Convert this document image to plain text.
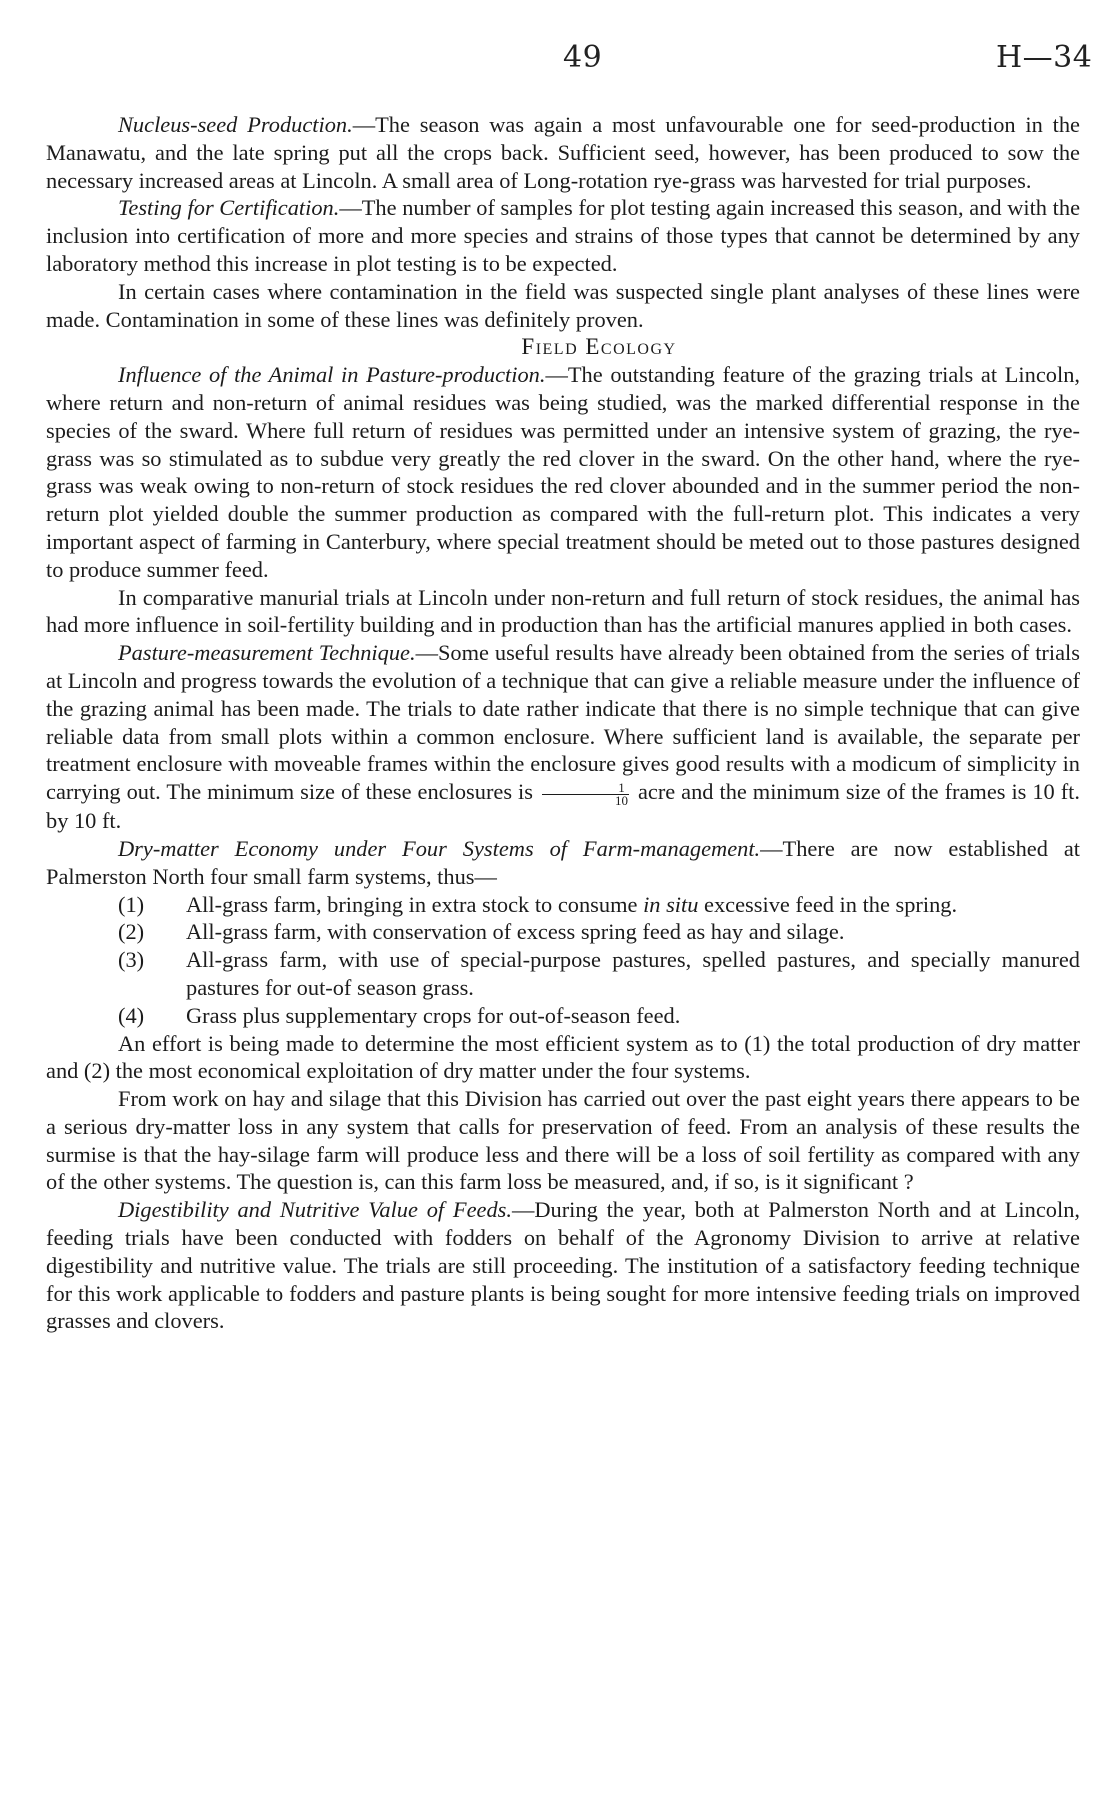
49	H—34

Nucleus-seed Production.—The season was again a most unfavourable one for seed-production in the Manawatu, and the late spring put all the crops back. Sufficient seed, however, has been produced to sow the necessary increased areas at Lincoln. A small area of Long-rotation rye-grass was harvested for trial purposes.

Testing for Certification.—The number of samples for plot testing again increased this season, and with the inclusion into certification of more and more species and strains of those types that cannot be determined by any laboratory method this increase in plot testing is to be expected.

In certain cases where contamination in the field was suspected single plant analyses of these lines were made. Contamination in some of these lines was definitely proven.

Field Ecology

Influence of the Animal in Pasture-production.—The outstanding feature of the grazing trials at Lincoln, where return and non-return of animal residues was being studied, was the marked differential response in the species of the sward. Where full return of residues was permitted under an intensive system of grazing, the rye-grass was so stimulated as to subdue very greatly the red clover in the sward. On the other hand, where the rye-grass was weak owing to non-return of stock residues the red clover abounded and in the summer period the non-return plot yielded double the summer production as compared with the full-return plot. This indicates a very important aspect of farming in Canterbury, where special treatment should be meted out to those pastures designed to produce summer feed.

In comparative manurial trials at Lincoln under non-return and full return of stock residues, the animal has had more influence in soil-fertility building and in production than has the artificial manures applied in both cases.

Pasture-measurement Technique.—Some useful results have already been obtained from the series of trials at Lincoln and progress towards the evolution of a technique that can give a reliable measure under the influence of the grazing animal has been made. The trials to date rather indicate that there is no simple technique that can give reliable data from small plots within a common enclosure. Where sufficient land is available, the separate per treatment enclosure with moveable frames within the enclosure gives good results with a modicum of simplicity in carrying out. The minimum size of these enclosures is $\frac{1}{10}$ acre and the minimum size of the frames is 10 ft. by 10 ft.

Dry-matter Economy under Four Systems of Farm-management.—There are now established at Palmerston North four small farm systems, thus—

(1) All-grass farm, bringing in extra stock to consume in situ excessive feed in the spring.
(2) All-grass farm, with conservation of excess spring feed as hay and silage.
(3) All-grass farm, with use of special-purpose pastures, spelled pastures, and specially manured pastures for out-of season grass.
(4) Grass plus supplementary crops for out-of-season feed.

An effort is being made to determine the most efficient system as to (1) the total production of dry matter and (2) the most economical exploitation of dry matter under the four systems.

From work on hay and silage that this Division has carried out over the past eight years there appears to be a serious dry-matter loss in any system that calls for preservation of feed. From an analysis of these results the surmise is that the hay-silage farm will produce less and there will be a loss of soil fertility as compared with any of the other systems. The question is, can this farm loss be measured, and, if so, is it significant ?

Digestibility and Nutritive Value of Feeds.—During the year, both at Palmerston North and at Lincoln, feeding trials have been conducted with fodders on behalf of the Agronomy Division to arrive at relative digestibility and nutritive value. The trials are still proceeding. The institution of a satisfactory feeding technique for this work applicable to fodders and pasture plants is being sought for more intensive feeding trials on improved grasses and clovers.
